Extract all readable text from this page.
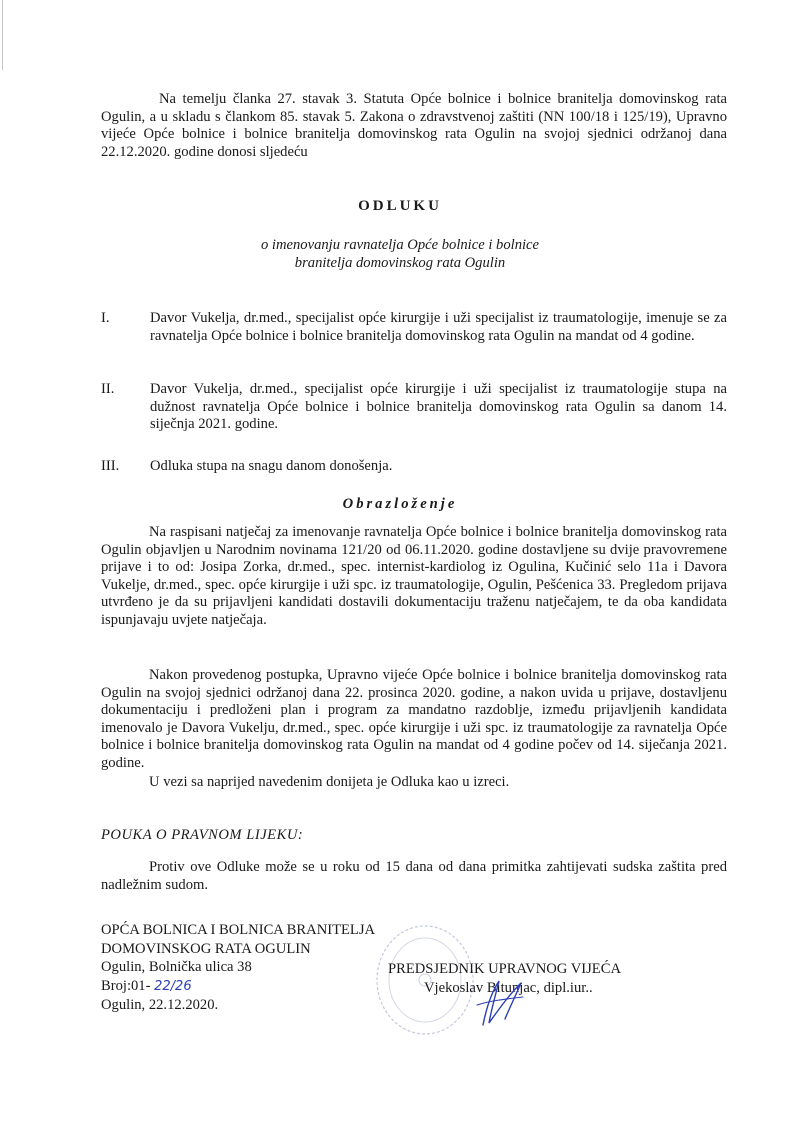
Na temelju članka 27. stavak 3. Statuta Opće bolnice i bolnice branitelja domovinskog rata Ogulin, a u skladu s člankom 85. stavak 5. Zakona o zdravstvenoj zaštiti (NN 100/18 i 125/19), Upravno vijeće Opće bolnice i bolnice branitelja domovinskog rata Ogulin na svojoj sjednici održanoj dana 22.12.2020. godine donosi sljedeću
ODLUKU
o imenovanju ravnatelja Opće bolnice i bolnice
branitelja domovinskog rata Ogulin
I.	Davor Vukelja, dr.med., specijalist opće kirurgije i uži specijalist iz traumatologije, imenuje se za ravnatelja Opće bolnice i bolnice branitelja domovinskog rata Ogulin na mandat od 4 godine.
II. Davor Vukelja, dr.med., specijalist opće kirurgije i uži specijalist iz traumatologije stupa na dužnost ravnatelja Opće bolnice i bolnice branitelja domovinskog rata Ogulin sa danom 14. siječnja 2021. godine.
III. Odluka stupa na snagu danom donošenja.
Obrazloženje
Na raspisani natječaj za imenovanje ravnatelja Opće bolnice i bolnice branitelja domovinskog rata Ogulin objavljen u Narodnim novinama 121/20 od 06.11.2020. godine dostavljene su dvije pravovremene prijave i to od: Josipa Zorka, dr.med., spec. internist-kardiolog iz Ogulina, Kučinić selo 11a i Davora Vukelje, dr.med., spec. opće kirurgije i uži spc. iz traumatologije, Ogulin, Pešćenica 33. Pregledom prijava utvrđeno je da su prijavljeni kandidati dostavili dokumentaciju traženu natječajem, te da oba kandidata ispunjavaju uvjete natječaja.
Nakon provedenog postupka, Upravno vijeće Opće bolnice i bolnice branitelja domovinskog rata Ogulin na svojoj sjednici održanoj dana 22. prosinca 2020. godine, a nakon uvida u prijave, dostavljenu dokumentaciju i predloženi plan i program za mandatno razdoblje, između prijavljenih kandidata imenovalo je Davora Vukelju, dr.med., spec. opće kirurgije i uži spc. iz traumatologije za ravnatelja Opće bolnice i bolnice branitelja domovinskog rata Ogulin na mandat od 4 godine počev od 14. siječanja 2021. godine.
U vezi sa naprijed navedenim donijeta je Odluka kao u izreci.
POUKA O PRAVNOM LIJEKU:
Protiv ove Odluke može se u roku od 15 dana od dana primitka zahtijevati sudska zaštita pred nadležnim sudom.
OPĆA BOLNICA I BOLNICA BRANITELJA
DOMOVINSKOG RATA OGULIN
Ogulin, Bolnička ulica 38
Broj:01- 22/26
Ogulin, 22.12.2020.
PREDSJEDNIK UPRAVNOG VIJEĆA
Vjekoslav Bitunjac, dipl.iur..
